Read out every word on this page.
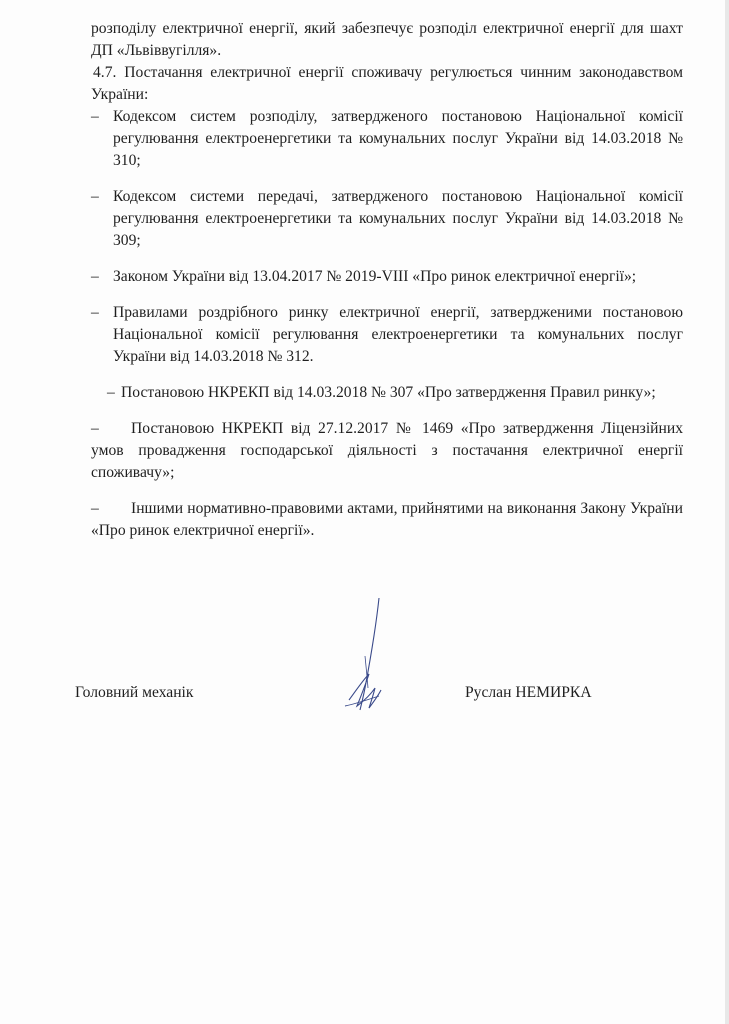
розподілу електричної енергії, який забезпечує розподіл електричної енергії для шахт ДП «Львіввугілля».

4.7. Постачання електричної енергії споживачу регулюється чинним законодавством України:

– Кодексом систем розподілу, затвердженого постановою Національної комісії регулювання електроенергетики та комунальних послуг України від 14.03.2018 № 310;
– Кодексом системи передачі, затвердженого постановою Національної комісії регулювання електроенергетики та комунальних послуг України від 14.03.2018 № 309;
– Законом України від 13.04.2017 № 2019-VIII «Про ринок електричної енергії»;
– Правилами роздрібного ринку електричної енергії, затвердженими постановою Національної комісії регулювання електроенергетики та комунальних послуг України від 14.03.2018 № 312.
– Постановою НКРЕКП від 14.03.2018 № 307 «Про затвердження Правил ринку»;

– Постановою НКРЕКП від 27.12.2017 № 1469 «Про затвердження Ліцензійних умов провадження господарської діяльності з постачання електричної енергії споживачу»;

– Іншими нормативно-правовими актами, прийнятими на виконання Закону України «Про ринок електричної енергії».

Головний механік	Руслан НЕМИРКА
